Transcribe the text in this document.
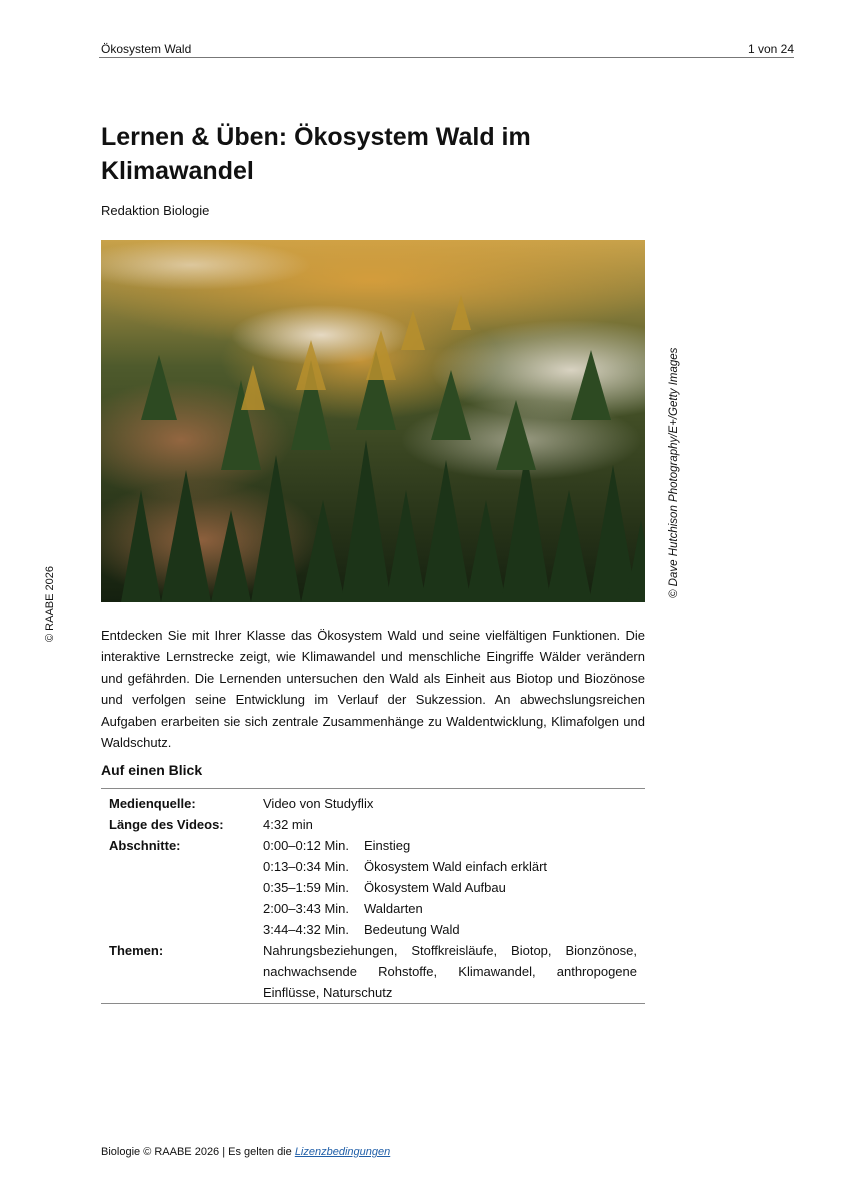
Ökosystem Wald	1 von 24
Lernen & Üben: Ökosystem Wald im Klimawandel
Redaktion Biologie
© Dave Hutchison Photography/E+/Getty Images
© RAABE 2026	Entdecken Sie mit Ihrer Klasse das Ökosystem Wald und seine vielfältigen Funktionen. Die interaktive Lernstrecke zeigt, wie Klimawandel und menschliche Eingriffe Wälder verändern und gefährden. Die Lernenden untersuchen den Wald als Einheit aus Biotop und Biozönose und verfolgen seine Entwicklung im Verlauf der Sukzession. An abwechslungsreichen Aufgaben erarbeiten sie sich zentrale Zusammenhänge zu Waldentwicklung, Klimafolgen und Waldschutz.

Auf einen Blick
Medienquelle:	Video von Studyflix
Länge des Videos:	4:32 min
Abschnitte:	0:00–0:12 Min.	Einstieg
0:13–0:34 Min.	Ökosystem Wald einfach erklärt
0:35–1:59 Min.	Ökosystem Wald Aufbau
2:00–3:43 Min.	Waldarten
3:44–4:32 Min.	Bedeutung Wald
Themen:	Nahrungsbeziehungen, Stoffkreisläufe, Biotop, Bionzönose, nachwachsende Rohstoffe, Klimawandel, anthropogene Einflüsse, Naturschutz
Biologie © RAABE 2026 | Es gelten die Lizenzbedingungen
